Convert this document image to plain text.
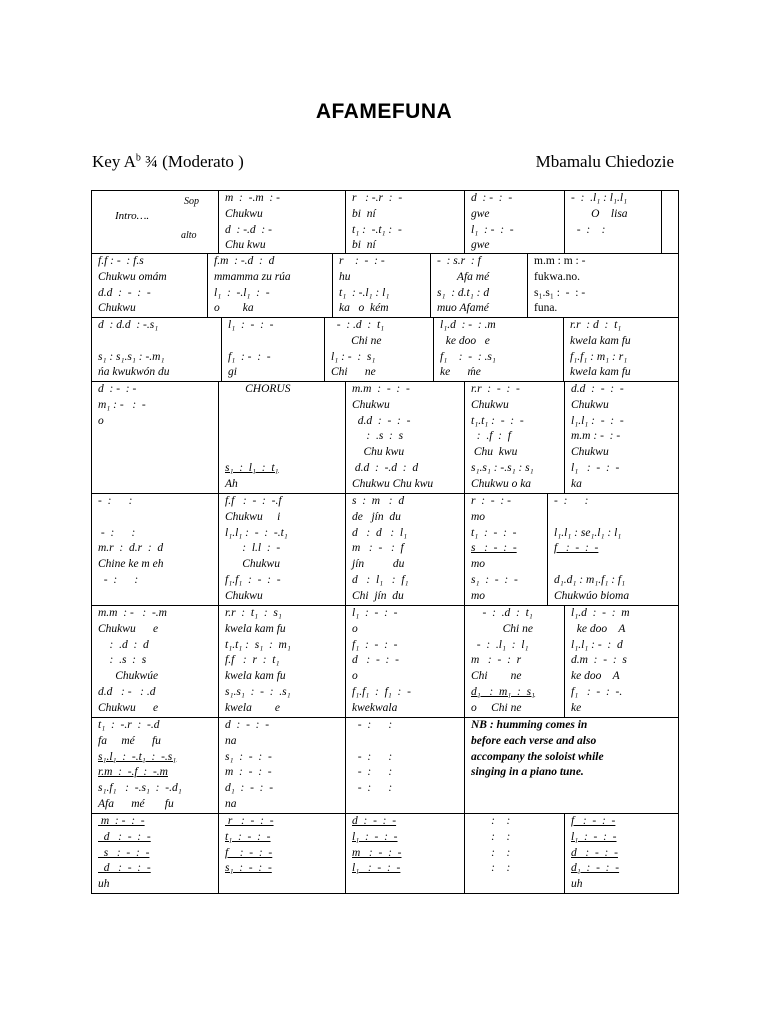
AFAMEFUNA
Key $A^b$ ¾ (Moderato )	Mbamalu Chiedozie
Sop
Intro….
alto
m  :  -.m  : -
Chukwu
d  : -.d  : -
Chu kwu
r   : -.r  :  -
bi  ní
t₁ :  -.t₁ :  -
bi  ní
d  : -  :  -
gwe
l₁  : -  :  -
gwe
-  :  .l₁ : l₁.l₁
O    lisa
-  :    :
f.f : -  : f.s
Chukwu omám
d.d  :  -  :  -
Chukwu
f.m  : -.d  :  d
mmamma zu rúa
l₁  :  -.l₁  :  -
o        ka
r    :  -  : -
hu
t₁  : -.l₁ : l₁
ka   o  kém
-  : s.r  : f
Afa mé
s₁  : d.t₁ : d
muo Afamé
m.m : m : -
fukwa.no.
s₁.s₁ :  -  : -
funa.
d  : d.d  : -.s₁
s₁ : s₁.s₁ : -.m₁
ńa kwukwón du
l₁  :  -  :  -
f₁  : -  :  -
gi
-  : .d  :  t₁
Chi ne
l₁ : -  :  s₁
Chi      ne
l₁.d  : -  : .m
ke doo   e
f₁    :  -  : .s₁
ke      ḿe
r.r  : d  :  t₁
kwela kam fu
f₁.f₁ : m₁ : r₁
kwela kam fu
d  : -  : -
m₁ : -   :  -
o
CHORUS
s₁  :  l₁  :  t₁
Ah
m.m  :  -  :  -
Chukwu
d.d  :  -  :  -
:  .s  :  s
Chu kwu
d.d  :  -.d  :  d
Chukwu Chu kwu
r.r  :  -  :  -
Chukwu
t₁.t₁ :  -  :  -
:  .f  :  f
Chu  kwu
s₁.s₁ : -.s₁ : s₁
Chukwu o ka
d.d  :  -  :  -
Chukwu
l₁.l₁ :  -  :  -
m.m : -  : -
Chukwu
l₁   :  -  :  -
ka
-  :      :
-  :      :
m.r  :  d.r  :  d
Chine ke m eh
-  :      :
f.f   :  -  :  -.f
Chukwu     i
l₁.l₁ :  -  :  -.t₁
:  l.l  :  -
Chukwu
f₁.f₁  :  -  :  -
Chukwu
s  :  m   :  d
de   jín  du
d   :  d   :  l₁
m   :  -   :  f
jín          du
d   :  l₁   :  f₁
Chi  jín  du
r  :  -  : -
mo
t₁  :  -  :  -
s   :  -  :  -
mo
s₁  :  -  :  -
mo
-  :      :
l₁.l₁ : se₁.l₁ : l₁
f   :  -  :  -
d₁.d₁ : m₁.f₁ : f₁
Chukwúo bioma
m.m  : -   :  -.m
Chukwu      e
:  .d  :  d
:  .s  :  s
Chukwúe
d.d   : -   : .d
Chukwu      e
r.r  :  t₁  :  s₁
kwela kam fu
t₁.t₁ :  s₁  :  m₁
f.f   :  r  :  t₁
kwela kam fu
s₁.s₁  :  -  :  .s₁
kwela        e
l₁  :  -  :  -
o
f₁  :  -  :  -
d   :  -  :  -
o
f₁.f₁  :  f₁  :  -
kwekwala
-  :  .d  :  t₁
Chi ne
-  :  .l₁  :  l₁
m   :  -  :  r
Chi        ne
d₁   :  m₁  :  s₁
o     Chi ne
l₁.d  :  -  :  m
ke doo    A
l₁.l₁ : -  :  d
d.m  :  -  :  s
ke doo    A
f₁   :  -  :  -.
ke
t₁  :  -.r  :  -.d
fa     mé      fu
s₁.l₁  :  -.t₁  :  -.s₁
r.m  :  -.f  :  -.m
s₁.f₁   :  -.s₁  :  -.d₁
Afa      mé       fu
d  :  -  :  -
na
s₁  :  -  :  -
m  :  -  :  -
d₁  :  -  :  -
na
-  :      :
-  :      :
-  :      :
-  :      :
NB : humming comes in
before each verse and also
accompany the soloist while
singing in a piano tune.
m  : -  :  -
d   :  -  :  -
s   :  -  :  -
d   :  -  :  -
uh
r   :  -  :  -
t₁  :  -  :  -
f    :  -  :  -
s₁  :  -  :  -
d  :  -  :  -
l₁  :  -  :  -
m   :  -  :  -
l₁   :  -  :  -
:    :
:    :
:    :
:    :
f   :  -  :  -
l₁  :  -  :  -
d   :  -  :  -
d₁  :  -  :  -
uh
